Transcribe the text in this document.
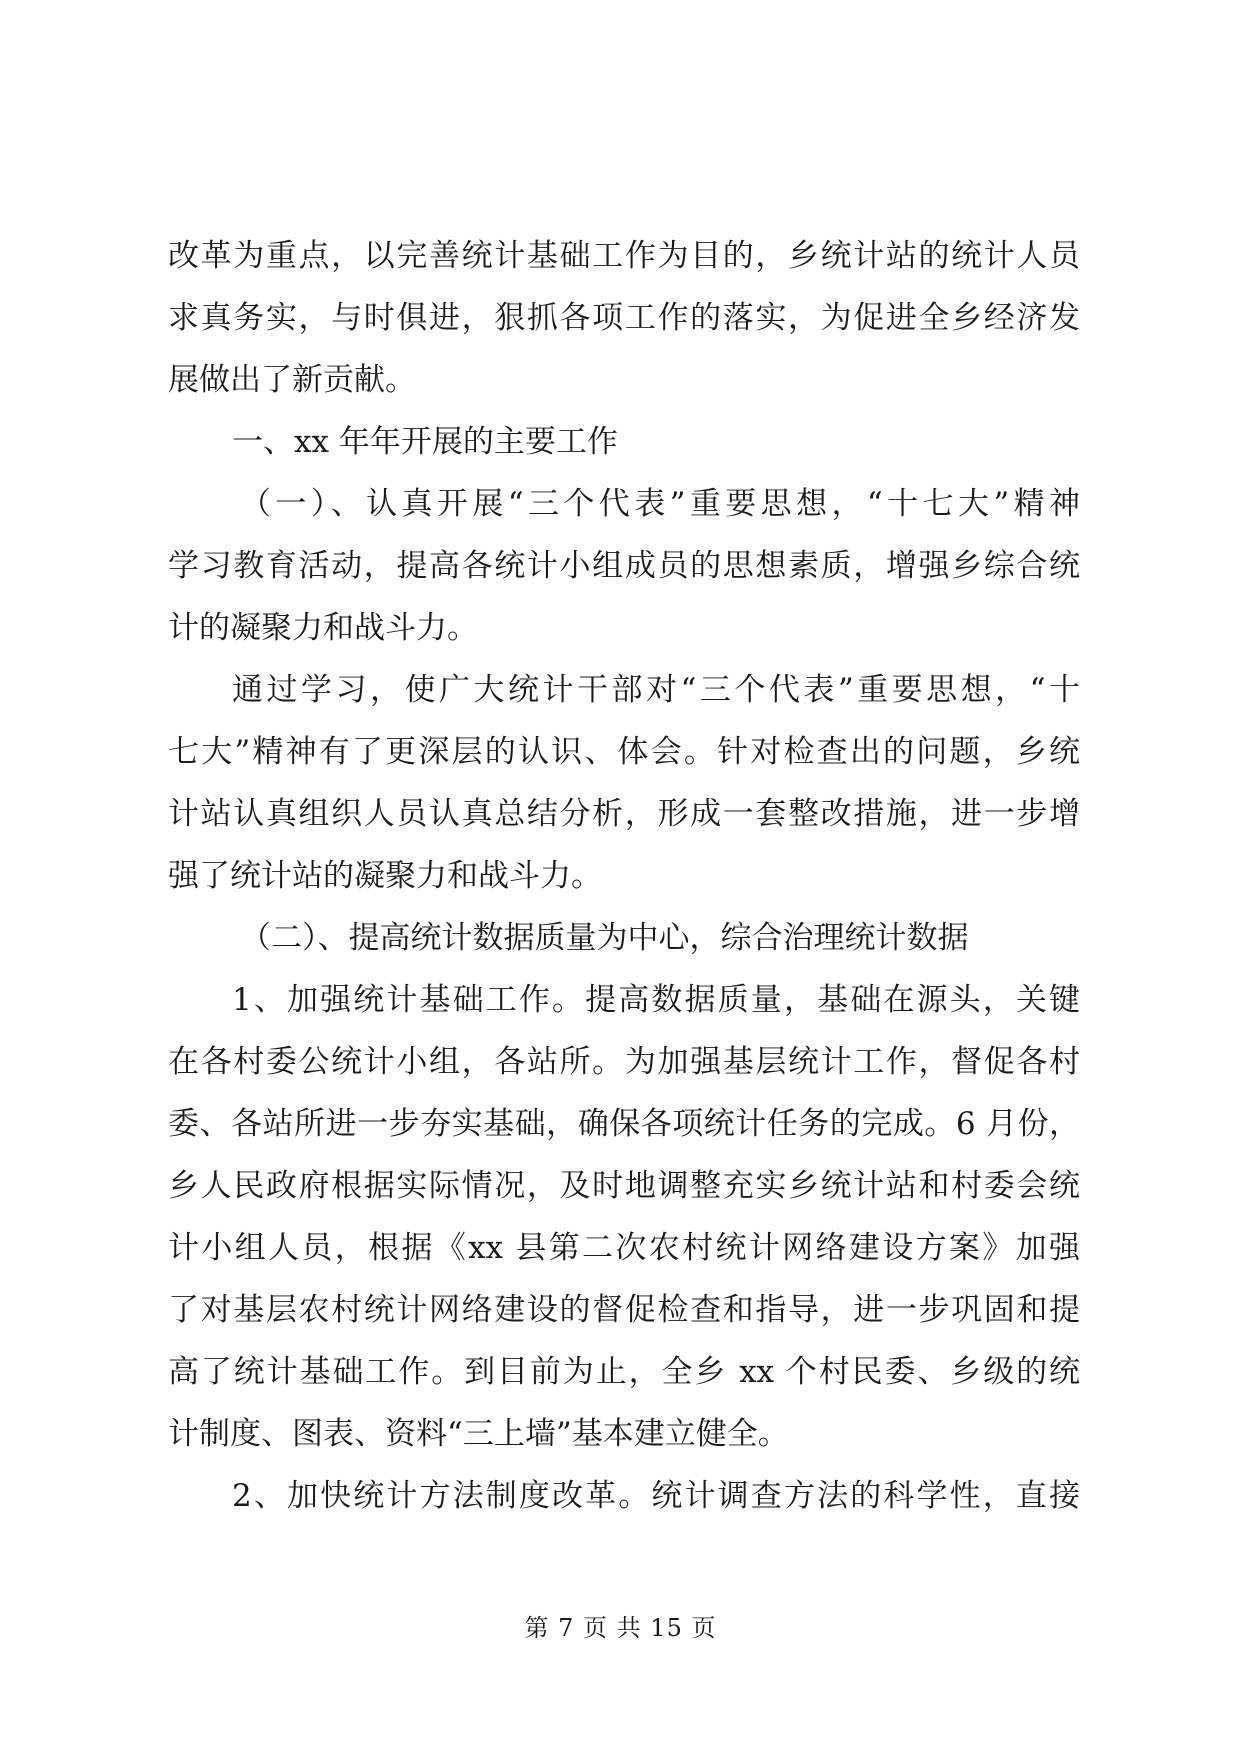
改革为重点，以完善统计基础工作为目的，乡统计站的统计人员
求真务实，与时俱进，狠抓各项工作的落实，为促进全乡经济发
展做出了新贡献。
一、xx 年年开展的主要工作
（一）、认真开展“三个代表”重要思想，“十七大”精神
学习教育活动，提高各统计小组成员的思想素质，增强乡综合统
计的凝聚力和战斗力。
通过学习，使广大统计干部对“三个代表”重要思想，“十
七大”精神有了更深层的认识、体会。针对检查出的问题，乡统
计站认真组织人员认真总结分析，形成一套整改措施，进一步增
强了统计站的凝聚力和战斗力。
（二）、提高统计数据质量为中心，综合治理统计数据
1、加强统计基础工作。提高数据质量，基础在源头，关键
在各村委公统计小组，各站所。为加强基层统计工作，督促各村
委、各站所进一步夯实基础，确保各项统计任务的完成。6 月份，
乡人民政府根据实际情况，及时地调整充实乡统计站和村委会统
计小组人员，根据《xx 县第二次农村统计网络建设方案》加强
了对基层农村统计网络建设的督促检查和指导，进一步巩固和提
高了统计基础工作。到目前为止，全乡 xx 个村民委、乡级的统
计制度、图表、资料“三上墙”基本建立健全。
2、加快统计方法制度改革。统计调查方法的科学性，直接
第 7 页 共 15 页
